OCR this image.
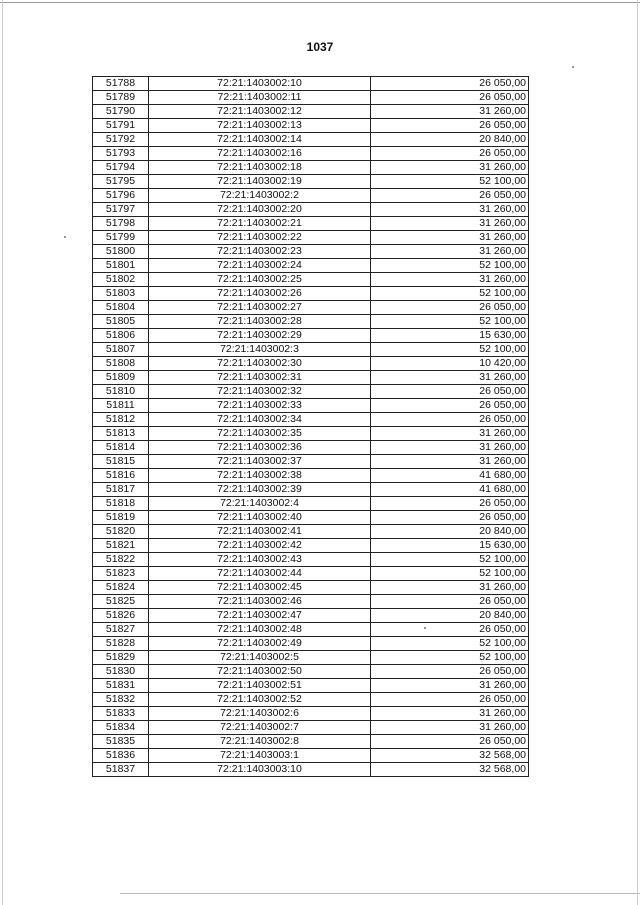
1037
51788	72:21:1403002:10	26 050,00
51789	72:21:1403002:11	26 050,00
51790	72:21:1403002:12	31 260,00
51791	72:21:1403002:13	26 050,00
51792	72:21:1403002:14	20 840,00
51793	72:21:1403002:16	26 050,00
51794	72:21:1403002:18	31 260,00
51795	72:21:1403002:19	52 100,00
51796	72:21:1403002:2	26 050,00
51797	72:21:1403002:20	31 260,00
51798	72:21:1403002:21	31 260,00
51799	72:21:1403002:22	31 260,00
51800	72:21:1403002:23	31 260,00
51801	72:21:1403002:24	52 100,00
51802	72:21:1403002:25	31 260,00
51803	72:21:1403002:26	52 100,00
51804	72:21:1403002:27	26 050,00
51805	72:21:1403002:28	52 100,00
51806	72:21:1403002:29	15 630,00
51807	72:21:1403002:3	52 100,00
51808	72:21:1403002:30	10 420,00
51809	72:21:1403002:31	31 260,00
51810	72:21:1403002:32	26 050,00
51811	72:21:1403002:33	26 050,00
51812	72:21:1403002:34	26 050,00
51813	72:21:1403002:35	31 260,00
51814	72:21:1403002:36	31 260,00
51815	72:21:1403002:37	31 260,00
51816	72:21:1403002:38	41 680,00
51817	72:21:1403002:39	41 680,00
51818	72:21:1403002:4	26 050,00
51819	72:21:1403002:40	26 050,00
51820	72:21:1403002:41	20 840,00
51821	72:21:1403002:42	15 630,00
51822	72:21:1403002:43	52 100,00
51823	72:21:1403002:44	52 100,00
51824	72:21:1403002:45	31 260,00
51825	72:21:1403002:46	26 050,00
51826	72:21:1403002:47	20 840,00
51827	72:21:1403002:48	26 050,00
51828	72:21:1403002:49	52 100,00
51829	72:21:1403002:5	52 100,00
51830	72:21:1403002:50	26 050,00
51831	72:21:1403002:51	31 260,00
51832	72:21:1403002:52	26 050,00
51833	72:21:1403002:6	31 260,00
51834	72:21:1403002:7	31 260,00
51835	72:21:1403002:8	26 050,00
51836	72:21:1403003:1	32 568,00
51837	72:21:1403003:10	32 568,00
